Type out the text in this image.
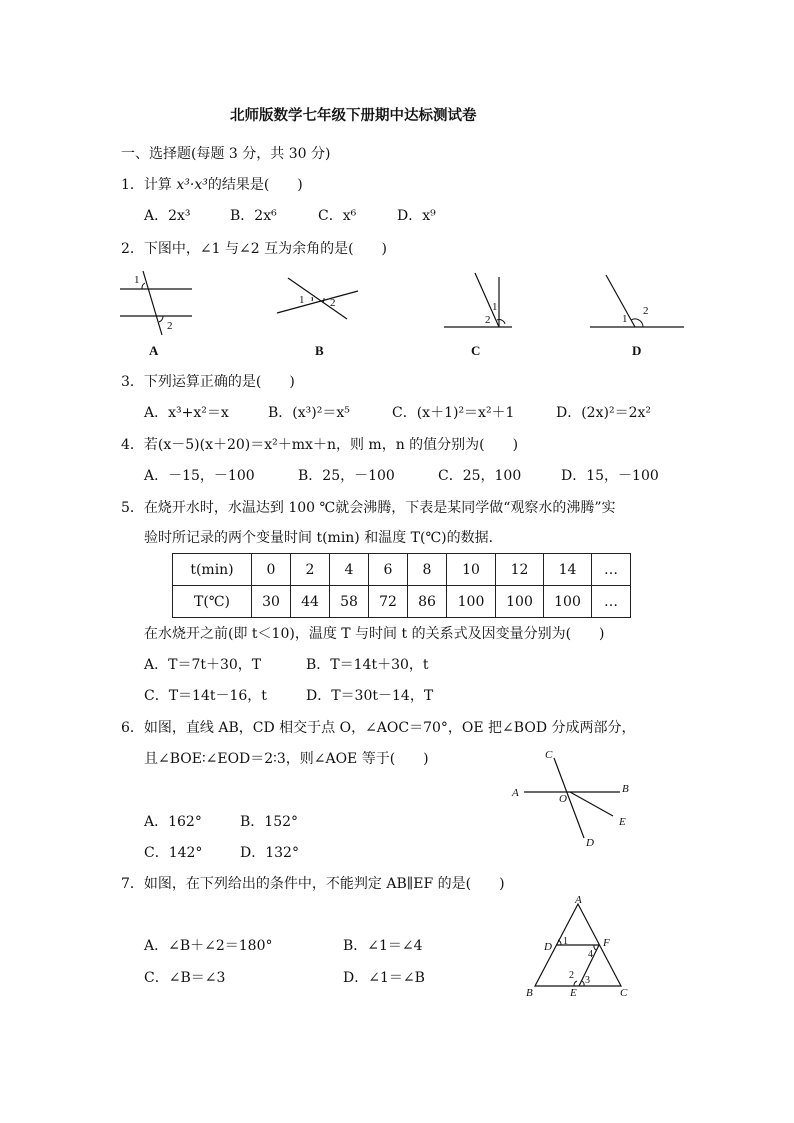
北师版数学七年级下册期中达标测试卷
一、选择题(每题 3 分，共 30 分)
1．计算 x³·x³的结果是(　　)
A．2x³	B．2x⁶	C．x⁶	D．x⁹
2．下图中，∠1 与∠2 互为余角的是(　　)
1
2
A
1 2
B
1
2
C
1
2
D
3．下列运算正确的是(　　)
A．x³+x²＝x	B．(x³)²＝x⁵	C．(x＋1)²＝x²＋1	D．(2x)²＝2x²
4．若(x－5)(x＋20)＝x²＋mx＋n，则 m，n 的值分别为(　　)
A．－15，－100	B．25，－100	C．25，100	D．15，－100
5．在烧开水时，水温达到 100 ℃就会沸腾，下表是某同学做“观察水的沸腾”实
验时所记录的两个变量时间 t(min) 和温度 T(℃)的数据．
t(min)	0	2	4	6	8	10	12	14	…
T(℃)	30	44	58	72	86	100	100	100	…
在水烧开之前(即 t＜10)，温度 T 与时间 t 的关系式及因变量分别为(　　)
A．T＝7t＋30，T	B．T＝14t＋30，t
C．T＝14t－16，t	D．T＝30t－14，T
6．如图，直线 AB，CD 相交于点 O，∠AOC＝70°，OE 把∠BOD 分成两部分，
且∠BOE∶∠EOD＝2∶3，则∠AOE 等于(　　)
A	B
C
D
E
O
A．162°	B．152°
C．142°	D．132°
7．如图，在下列给出的条件中，不能判定 AB∥EF 的是(　　)
A
B	C
D
E
F
1
2 3
4
A．∠B＋∠2＝180°	B．∠1＝∠4
C．∠B＝∠3	D．∠1＝∠B
